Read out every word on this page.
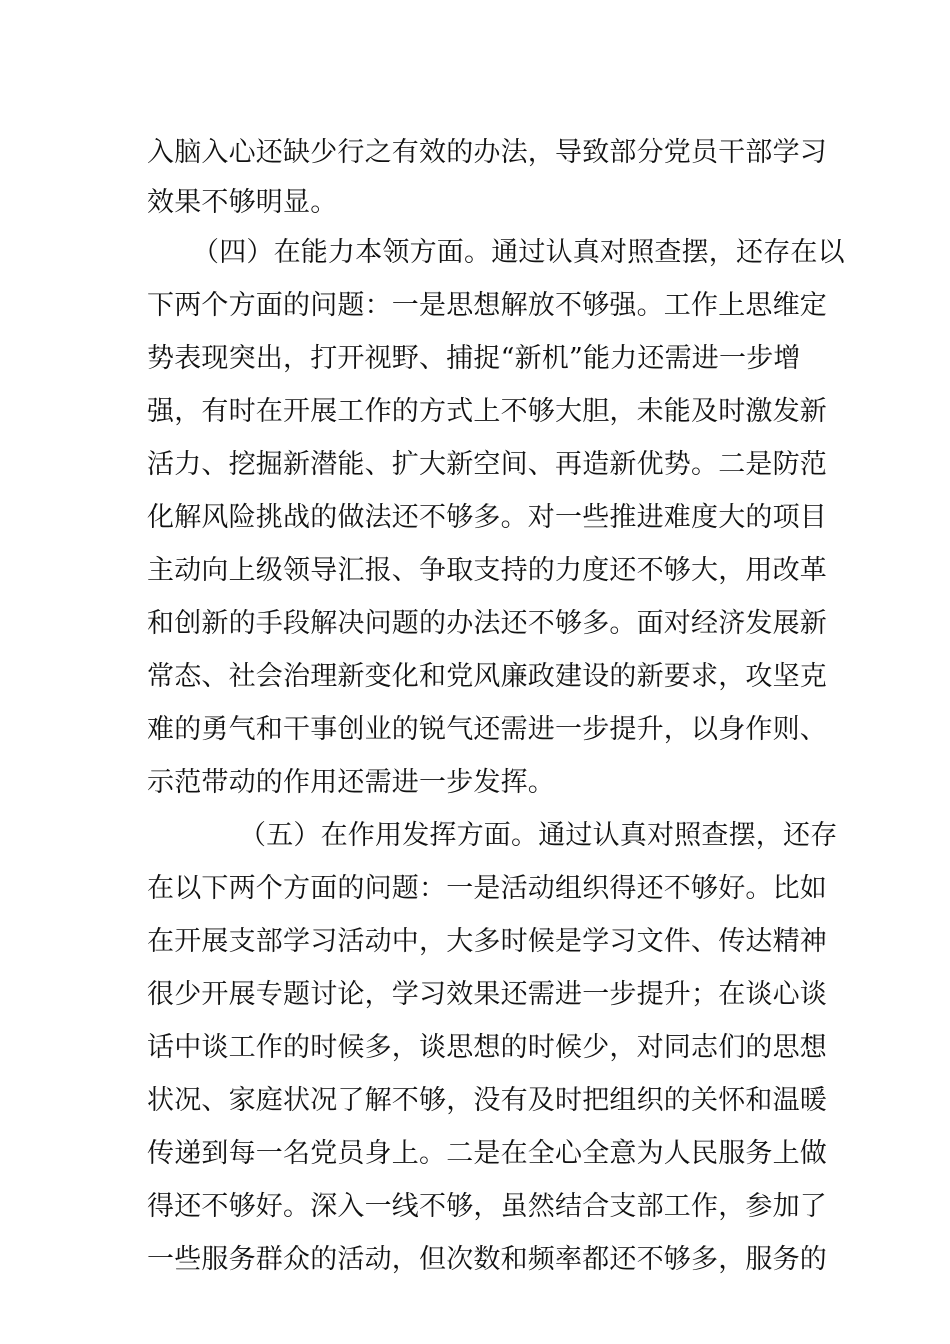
入脑入心还缺少行之有效的办法，导致部分党员干部学习
效果不够明显。
（四）在能力本领方面。通过认真对照查摆，还存在以
下两个方面的问题：一是思想解放不够强。工作上思维定
势表现突出，打开视野、捕捉“新机”能力还需进一步增
强，有时在开展工作的方式上不够大胆，未能及时激发新
活力、挖掘新潜能、扩大新空间、再造新优势。二是防范
化解风险挑战的做法还不够多。对一些推进难度大的项目
主动向上级领导汇报、争取支持的力度还不够大，用改革
和创新的手段解决问题的办法还不够多。面对经济发展新
常态、社会治理新变化和党风廉政建设的新要求，攻坚克
难的勇气和干事创业的锐气还需进一步提升，以身作则、
示范带动的作用还需进一步发挥。
（五）在作用发挥方面。通过认真对照查摆，还存
在以下两个方面的问题：一是活动组织得还不够好。比如
在开展支部学习活动中，大多时候是学习文件、传达精神
很少开展专题讨论，学习效果还需进一步提升；在谈心谈
话中谈工作的时候多，谈思想的时候少，对同志们的思想
状况、家庭状况了解不够，没有及时把组织的关怀和温暖
传递到每一名党员身上。二是在全心全意为人民服务上做
得还不够好。深入一线不够，虽然结合支部工作，参加了
一些服务群众的活动，但次数和频率都还不够多，服务的
